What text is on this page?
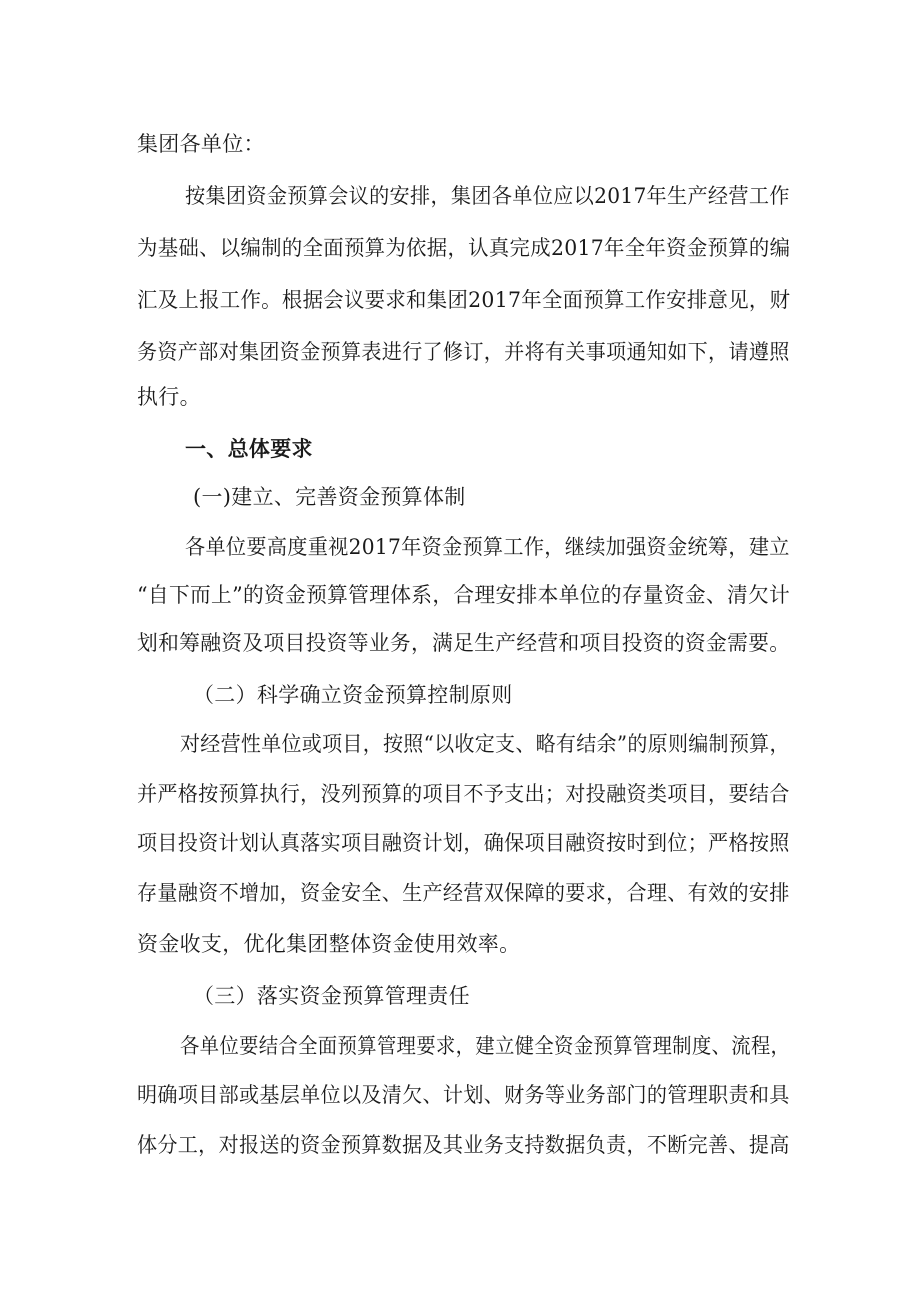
集团各单位：
按集团资金预算会议的安排，集团各单位应以2017年生产经营工作
为基础、以编制的全面预算为依据，认真完成2017年全年资金预算的编
汇及上报工作。根据会议要求和集团2017年全面预算工作安排意见，财
务资产部对集团资金预算表进行了修订，并将有关事项通知如下，请遵照
执行。
一、总体要求
(一)建立、完善资金预算体制
各单位要高度重视2017年资金预算工作，继续加强资金统筹，建立
“自下而上”的资金预算管理体系，合理安排本单位的存量资金、清欠计
划和筹融资及项目投资等业务，满足生产经营和项目投资的资金需要。
（二）科学确立资金预算控制原则
对经营性单位或项目，按照“以收定支、略有结余”的原则编制预算，
并严格按预算执行，没列预算的项目不予支出；对投融资类项目，要结合
项目投资计划认真落实项目融资计划，确保项目融资按时到位；严格按照
存量融资不增加，资金安全、生产经营双保障的要求，合理、有效的安排
资金收支，优化集团整体资金使用效率。
（三）落实资金预算管理责任
各单位要结合全面预算管理要求，建立健全资金预算管理制度、流程，
明确项目部或基层单位以及清欠、计划、财务等业务部门的管理职责和具
体分工，对报送的资金预算数据及其业务支持数据负责，不断完善、提高
